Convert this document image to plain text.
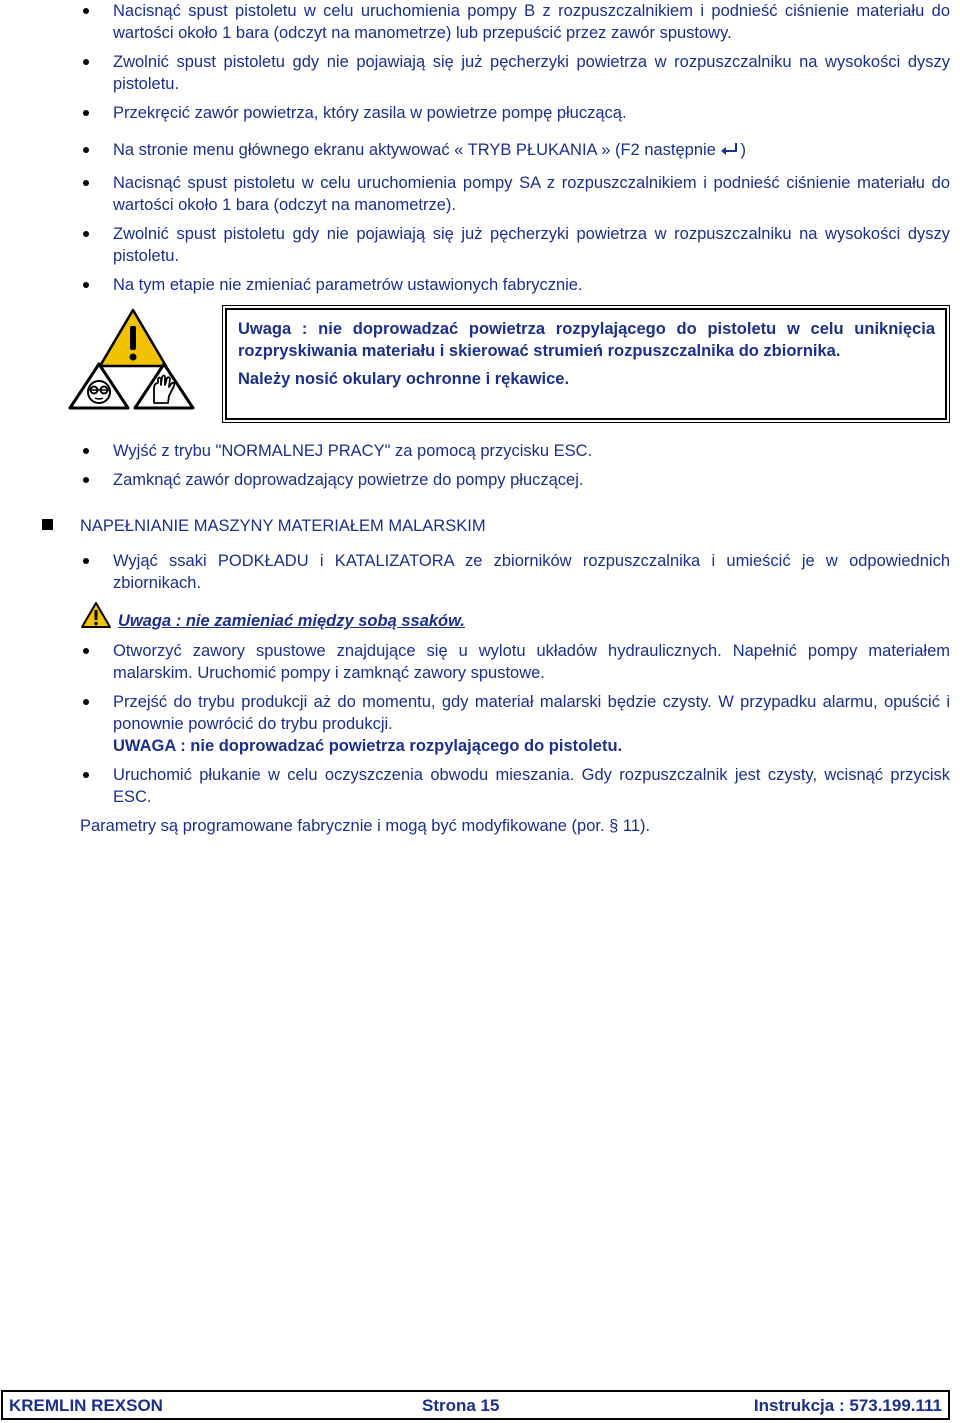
Nacisnąć spust pistoletu w celu uruchomienia pompy B z rozpuszczalnikiem i podnieść ciśnienie materiału do wartości około 1 bara (odczyt na manometrze) lub przepuścić przez zawór spustowy.
Zwolnić spust pistoletu gdy nie pojawiają się już pęcherzyki powietrza w rozpuszczalniku na wysokości dyszy pistoletu.
Przekręcić zawór powietrza, który zasila w powietrze pompę płuczącą.
Na stronie menu głównego ekranu aktywować « TRYB PŁUKANIA » (F2 następnie )
Nacisnąć spust pistoletu w celu uruchomienia pompy SA z rozpuszczalnikiem i podnieść ciśnienie materiału do wartości około 1 bara (odczyt na manometrze).
Zwolnić spust pistoletu gdy nie pojawiają się już pęcherzyki powietrza w rozpuszczalniku na wysokości dyszy pistoletu.
Na tym etapie nie zmieniać parametrów ustawionych fabrycznie.

Uwaga : nie doprowadzać powietrza rozpylającego do pistoletu w celu uniknięcia rozpryskiwania materiału i skierować strumień rozpuszczalnika do zbiornika.

Należy nosić okulary ochronne i rękawice.

Wyjść z trybu "NORMALNEJ PRACY" za pomocą przycisku ESC.
Zamknąć zawór doprowadzający powietrze do pompy płuczącej.
NAPEŁNIANIE MASZYNY MATERIAŁEM MALARSKIM
Wyjąć ssaki PODKŁADU i KATALIZATORA ze zbiorników rozpuszczalnika i umieścić je w odpowiednich zbiornikach.
Uwaga : nie zamieniać między sobą ssaków.
Otworzyć zawory spustowe znajdujące się u wylotu układów hydraulicznych. Napełnić pompy materiałem malarskim. Uruchomić pompy i zamknąć zawory spustowe.
Przejść do trybu produkcji aż do momentu, gdy materiał malarski będzie czysty. W przypadku alarmu, opuścić i ponownie powrócić do trybu produkcji.
UWAGA : nie doprowadzać powietrza rozpylającego do pistoletu.
Uruchomić płukanie w celu oczyszczenia obwodu mieszania. Gdy rozpuszczalnik jest czysty, wcisnąć przycisk ESC.
Parametry są programowane fabrycznie i mogą być modyfikowane (por. § 11).
KREMLIN REXSON	Strona 15	Instrukcja : 573.199.111
